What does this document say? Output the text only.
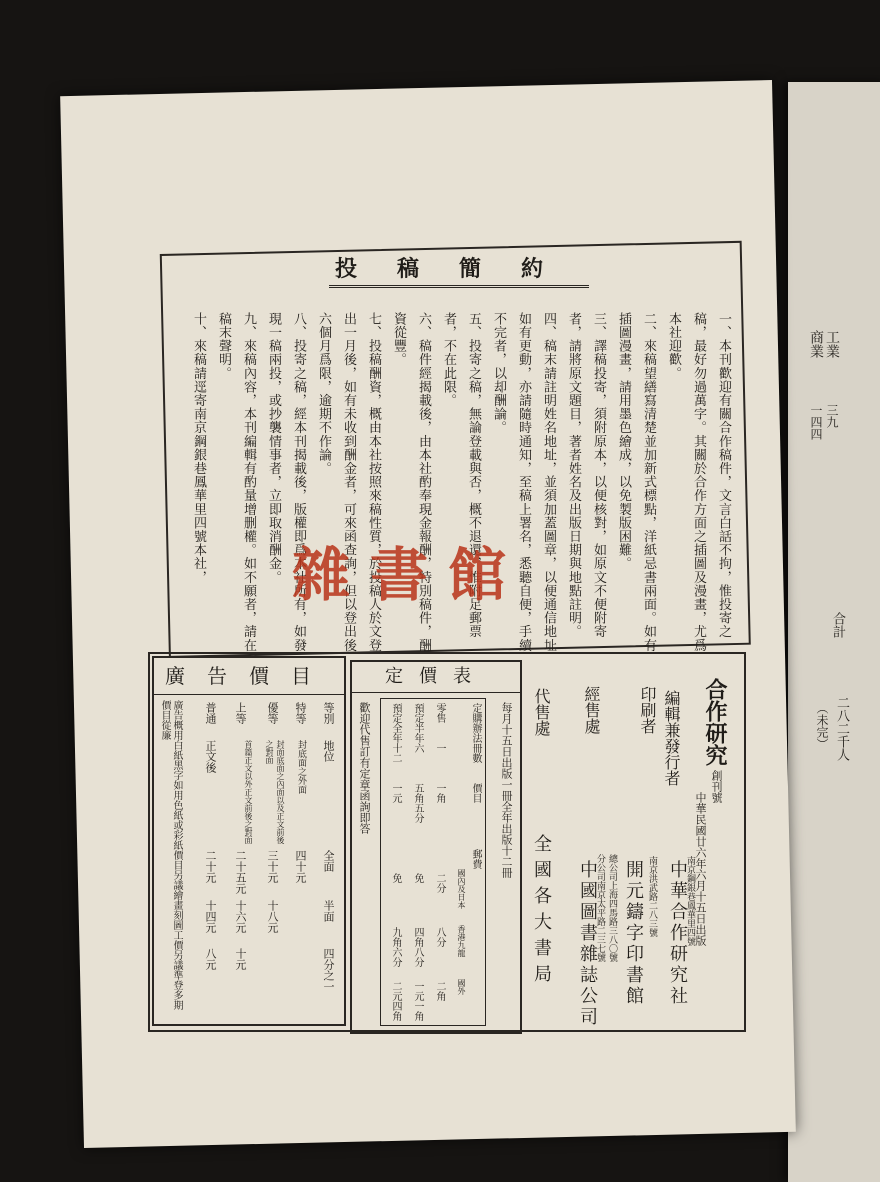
工業
商業
三九
一四四
合計
二八二千人
（未完）
投稿簡約
一、本刊歡迎有關合作稿件，文言白話不拘，惟投寄之稿，最好勿過萬字。其關於合作方面之插圖及漫畫，尤爲本社迎歡。
二、來稿望繕寫清楚並加新式標點，洋紙忌書兩面。如有插圖漫畫，請用墨色繪成，以免製版困難。
三、譯稿投寄，須附原本，以便核對，如原文不便附寄者，請將原文題目，著者姓名及出版日期與地點註明。
四、稿末請註明姓名地址，並須加蓋圖章，以便通信地址如有更動，亦請隨時通知，至稿上署名，悉聽自便，手續不完者，以却酬論。
五、投寄之稿，無論登載與否，概不退還，惟附足郵票者，不在此限。
六、稿件經揭載後，由本社酌奉現金報酬，特別稿件，酬資從豐。
七、投稿酬資，概由本社按照來稿性質，於投稿人於文登出一月後，如有未收到酬金者，可來函查詢，但以登出後六個月爲限，逾期不作論。
八、投寄之稿，經本刊揭載後，版權即爲本社所有，如發現一稿兩投，或抄襲情事者，立即取消酬金。
九、來稿內容，本刊編輯有酌量增删權。如不願者，請在稿末聲明。
十、來稿請逕寄南京鋼銀巷鳳華里四號本社， 雜書館
合作研究
創刊號
中華民國廿六年六月十五日出版
編輯兼發行者
印刷者
經售處
代售處
南京鋼銀巷鳳華里四號
中華合作研究社
南京洪武路二八三號
開元鑄字印書館
總公司上海四馬路三八〇號
分公司南京太平路二三七號
中國圖書雜誌公司
全國各大書局
定價表
每月十五日出版一冊全年出版十二冊
歡迎代售訂有定章函詢即答	定購辦法
冊數
價目
郵費
國內及日本
香港九龍
國外
零售
一
一角
二分
八分
二角
預定半年
六
五角五分
免
四角八分
一元一角
預定全年
十二
一元
免
九角六分
二元四角
廣告價目
廣告概用白紙黑字如用色紙或彩紙價目另議繪畫刻圖工價另議準登多期價目從廉	等別
地位
全面
半面
四分之一
特等
封底面之外面
四十元
優等
封面底面之內面以及正文前後之對面
三十元
十八元
上等
首篇正文以外正文前後之對面
二十五元
十六元
十元
普通
正文後
二十元
十四元
八元
